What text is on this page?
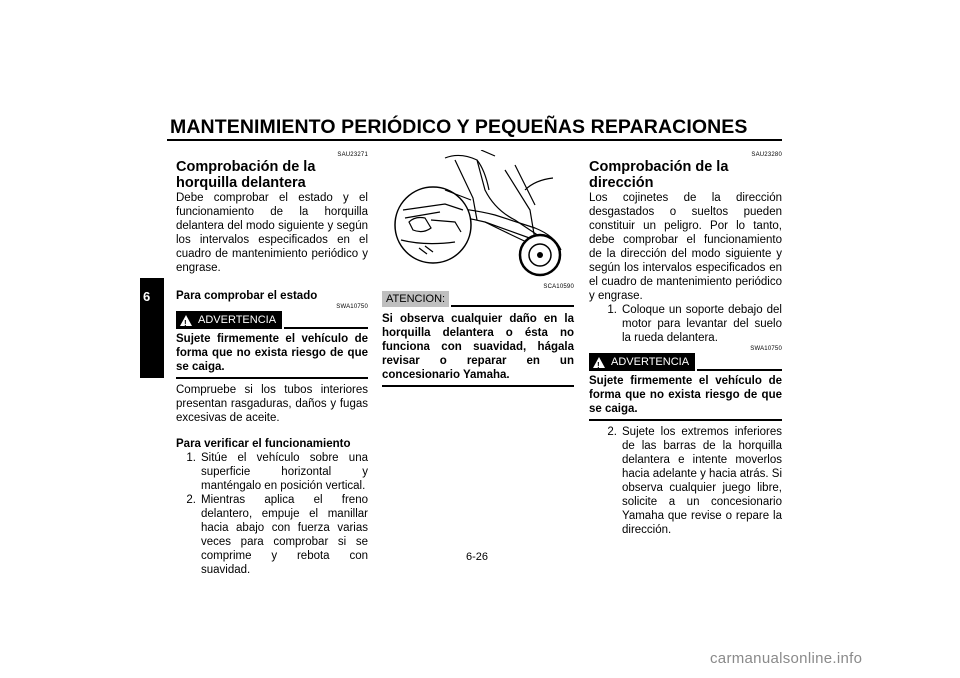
MANTENIMIENTO PERIÓDICO Y PEQUEÑAS REPARACIONES
6
SAU23271
Comprobación de la horquilla delantera

Debe comprobar el estado y el funcionamiento de la horquilla delantera del modo siguiente y según los intervalos especificados en el cuadro de mantenimiento periódico y engrase.

Para comprobar el estado
SWA10750
! ADVERTENCIA

Sujete firmemente el vehículo de forma que no exista riesgo de que se caiga.

Compruebe si los tubos interiores presentan rasgaduras, daños y fugas excesivas de aceite.

Para verificar el funcionamiento
1. Sitúe el vehículo sobre una superficie horizontal y manténgalo en posición vertical.
2. Mientras aplica el freno delantero, empuje el manillar hacia abajo con fuerza varias veces para comprobar si se comprime y rebota con suavidad.
SCA10590
ATENCION:

Si observa cualquier daño en la horquilla delantera o ésta no funciona con suavidad, hágala revisar o reparar en un concesionario Yamaha.

SAU23280
Comprobación de la dirección

Los cojinetes de la dirección desgastados o sueltos pueden constituir un peligro. Por lo tanto, debe comprobar el funcionamiento de la dirección del modo siguiente y según los intervalos especificados en el cuadro de mantenimiento periódico y engrase.

1. Coloque un soporte debajo del motor para levantar del suelo la rueda delantera.
SWA10750
! ADVERTENCIA

Sujete firmemente el vehículo de forma que no exista riesgo de que se caiga.

2. Sujete los extremos inferiores de las barras de la horquilla delantera e intente moverlos hacia adelante y hacia atrás. Si observa cualquier juego libre, solicite a un concesionario Yamaha que revise o repare la dirección.
6-26
carmanualsonline.info
